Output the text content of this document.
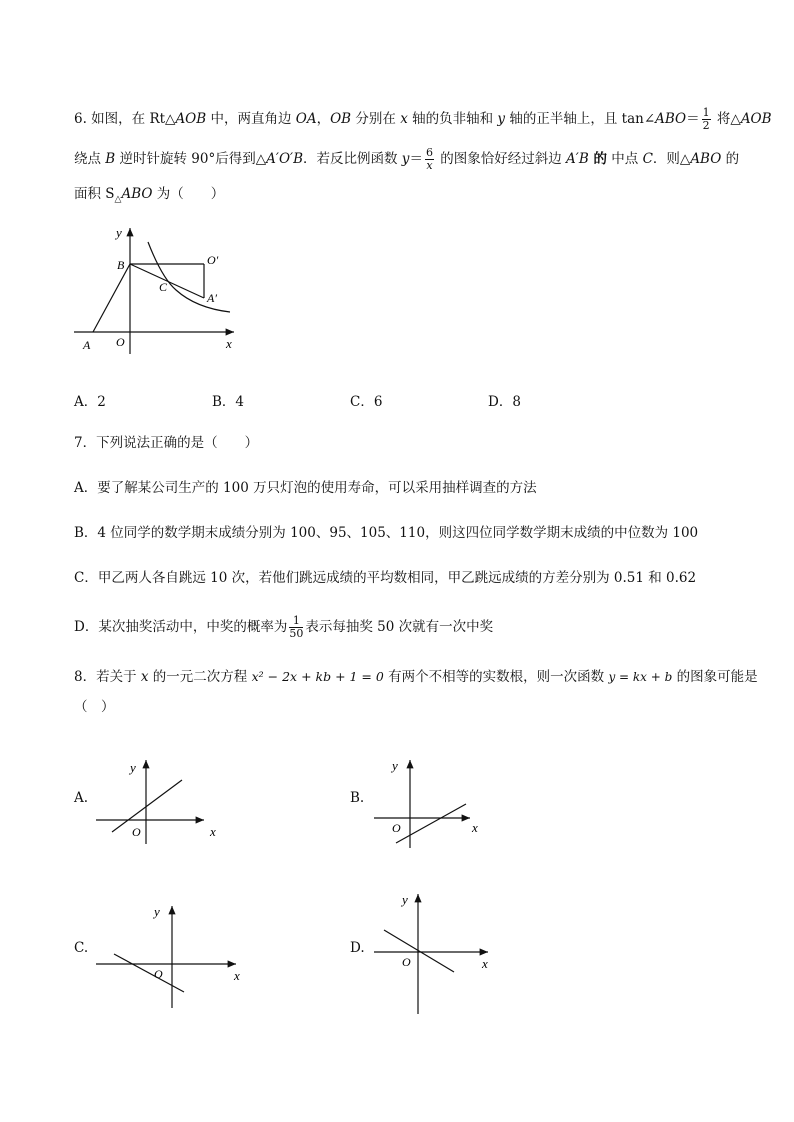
6. 如图，在 Rt△AOB 中，两直角边 OA，OB 分别在 x 轴的负非轴和 y 轴的正半轴上，且 tan∠ABO＝ $\frac{1}{2}$ 将△AOB
绕点 B 逆时针旋转 90°后得到△A′O′B．若反比例函数 $y= \frac{6}{x}$ 的图象恰好经过斜边 A′B 的 中点 C．则△ABO 的
面积 $S_\triangle ABO$ 为（　　）
y
x
B	O′
C
A′
A O
A．2	B．4	C．6	D．8
7．下列说法正确的是（　　）
A．要了解某公司生产的 100 万只灯泡的使用寿命，可以采用抽样调查的方法
B．4 位同学的数学期末成绩分别为 100、95、105、110，则这四位同学数学期末成绩的中位数为 100
C．甲乙两人各自跳远 10 次，若他们跳远成绩的平均数相同，甲乙跳远成绩的方差分别为 0.51 和 0.62
D．某次抽奖活动中，中奖的概率为 $\frac{1}{50}$ 表示每抽奖 50 次就有一次中奖
8．若关于 x 的一元二次方程 x² − 2x + kb + 1 = 0 有两个不相等的实数根，则一次函数 y = kx + b 的图象可能是
（　）
A.
y
x
O
B.
y
x
O
C.
y
x
O
D.
y
x
O
